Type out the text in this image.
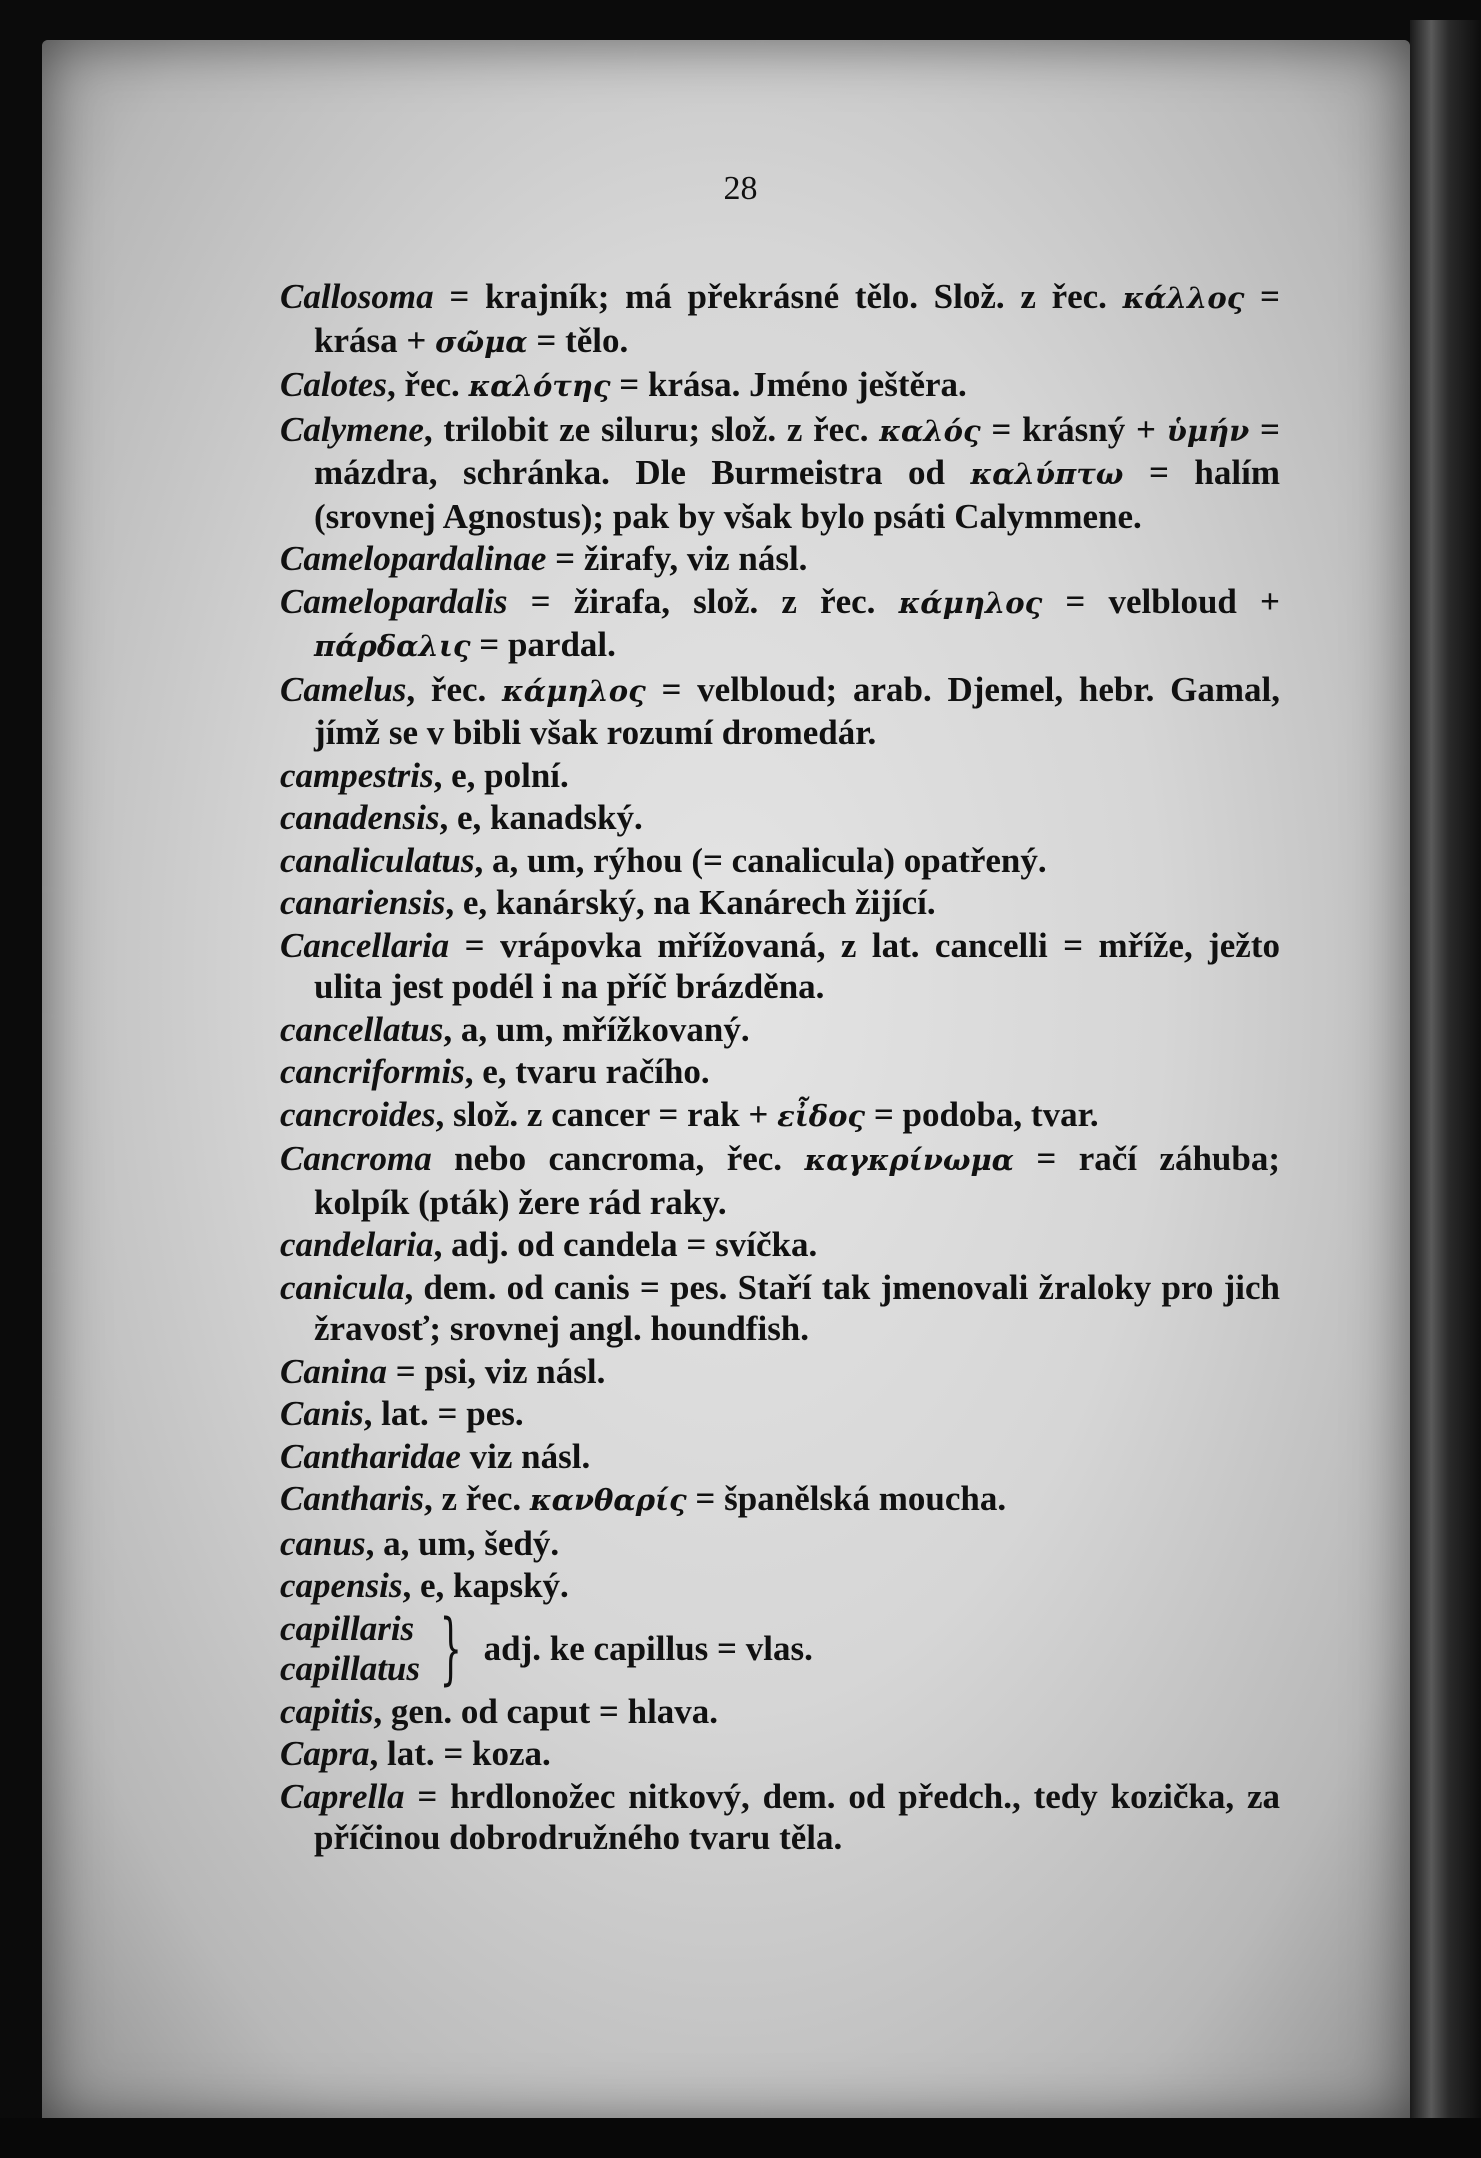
28

Callosoma = krajník; má překrásné tělo. Slož. z řec. κάλλος = krása + σῶμα = tělo.

Calotes, řec. καλότης = krása. Jméno ještěra.

Calymene, trilobit ze siluru; slož. z řec. καλός = krásný + ὑμήν = mázdra, schránka. Dle Burmeistra od καλύπτω = halím (srovnej Agnostus); pak by však bylo psáti Calymmene.

Camelopardalinae = žirafy, viz násl.

Camelopardalis = žirafa, slož. z řec. κάμηλος = velbloud + πάρδαλις = pardal.

Camelus, řec. κάμηλος = velbloud; arab. Djemel, hebr. Gamal, jímž se v bibli však rozumí dromedár.

campestris, e, polní.

canadensis, e, kanadský.

canaliculatus, a, um, rýhou (= canalicula) opatřený.

canariensis, e, kanárský, na Kanárech žijící.

Cancellaria = vrápovka mřížovaná, z lat. cancelli = mříže, ježto ulita jest podél i na příč brázděna.

cancellatus, a, um, mřížkovaný.

cancriformis, e, tvaru račího.

cancroides, slož. z cancer = rak + εἶδος = podoba, tvar.

Cancroma nebo cancroma, řec. καγκρίνωμα = račí záhuba; kolpík (pták) žere rád raky.

candelaria, adj. od candela = svíčka.

canicula, dem. od canis = pes. Staří tak jmenovali žraloky pro jich žravosť; srovnej angl. houndfish.

Canina = psi, viz násl.

Canis, lat. = pes.

Cantharidae viz násl.

Cantharis, z řec. κανθαρίς = španělská moucha.

canus, a, um, šedý.

capensis, e, kapský.

capillaris
capillatus } adj. ke capillus = vlas.

capitis, gen. od caput = hlava.

Capra, lat. = koza.

Caprella = hrdlonožec nitkový, dem. od předch., tedy kozička, za příčinou dobrodružného tvaru těla.
